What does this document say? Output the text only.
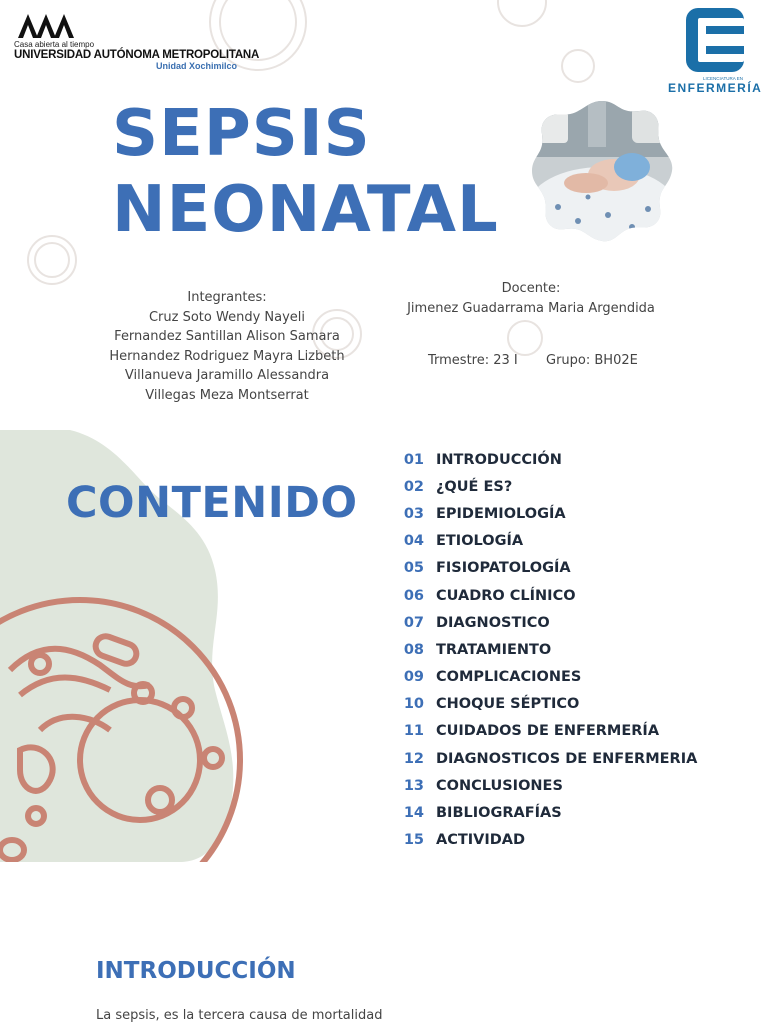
Casa abierta al tiempo
UNIVERSIDAD AUTÓNOMA METROPOLITANA
Unidad Xochimilco
LICENCIATURA EN
ENFERMERÍA
SEPSIS
NEONATAL
Integrantes:
Cruz Soto Wendy Nayeli
Fernandez Santillan Alison Samara
Hernandez Rodriguez Mayra Lizbeth
Villanueva Jaramillo Alessandra
Villegas Meza Montserrat
Docente:
Jimenez Guadarrama Maria Argendida
Trmestre: 23 I Grupo: BH02E
CONTENIDO
01 INTRODUCCIÓN
02 ¿QUÉ ES?
03 EPIDEMIOLOGÍA
04 ETIOLOGÍA
05 FISIOPATOLOGÍA
06 CUADRO CLÍNICO
07 DIAGNOSTICO
08 TRATAMIENTO
09 COMPLICACIONES
10 CHOQUE SÉPTICO
11 CUIDADOS DE ENFERMERÍA
12 DIAGNOSTICOS DE ENFERMERIA
13 CONCLUSIONES
14 BIBLIOGRAFÍAS
15 ACTIVIDAD
INTRODUCCIÓN
La sepsis, es la tercera causa de mortalidad
